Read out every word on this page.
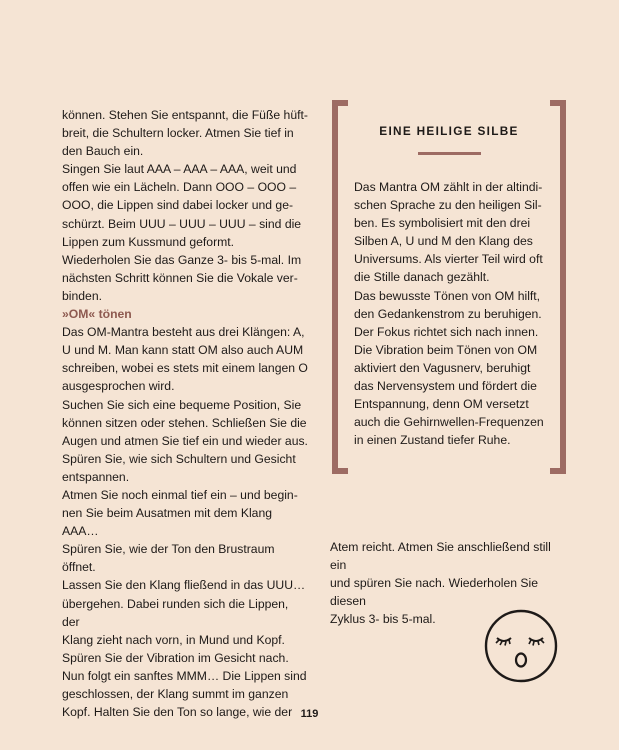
können. Stehen Sie entspannt, die Füße hüft-

breit, die Schultern locker. Atmen Sie tief in

den Bauch ein.

Singen Sie laut AAA – AAA – AAA, weit und

offen wie ein Lächeln. Dann OOO – OOO –

OOO, die Lippen sind dabei locker und ge-

schürzt. Beim UUU – UUU – UUU – sind die

Lippen zum Kussmund geformt.

Wiederholen Sie das Ganze 3- bis 5-mal. Im

nächsten Schritt können Sie die Vokale ver-

binden.

»OM« tönen

Das OM-Mantra besteht aus drei Klängen: A,

U und M. Man kann statt OM also auch AUM

schreiben, wobei es stets mit einem langen O

ausgesprochen wird.

Suchen Sie sich eine bequeme Position, Sie

können sitzen oder stehen. Schließen Sie die

Augen und atmen Sie tief ein und wieder aus.

Spüren Sie, wie sich Schultern und Gesicht

entspannen.

Atmen Sie noch einmal tief ein – und begin-

nen Sie beim Ausatmen mit dem Klang AAA…

Spüren Sie, wie der Ton den Brustraum öffnet.

Lassen Sie den Klang fließend in das UUU…

übergehen. Dabei runden sich die Lippen, der

Klang zieht nach vorn, in Mund und Kopf.

Spüren Sie der Vibration im Gesicht nach.

Nun folgt ein sanftes MMM… Die Lippen sind

geschlossen, der Klang summt im ganzen

Kopf. Halten Sie den Ton so lange, wie der

EINE HEILIGE SILBE

Das Mantra OM zählt in der altindi-

schen Sprache zu den heiligen Sil-

ben. Es symbolisiert mit den drei

Silben A, U und M den Klang des

Universums. Als vierter Teil wird oft

die Stille danach gezählt.

Das bewusste Tönen von OM hilft,

den Gedankenstrom zu beruhigen.

Der Fokus richtet sich nach innen.

Die Vibration beim Tönen von OM

aktiviert den Vagusnerv, beruhigt

das Nervensystem und fördert die

Entspannung, denn OM versetzt

auch die Gehirnwellen-Frequenzen

in einen Zustand tiefer Ruhe.

Atem reicht. Atmen Sie anschließend still ein

und spüren Sie nach. Wiederholen Sie diesen

Zyklus 3- bis 5-mal.

119
